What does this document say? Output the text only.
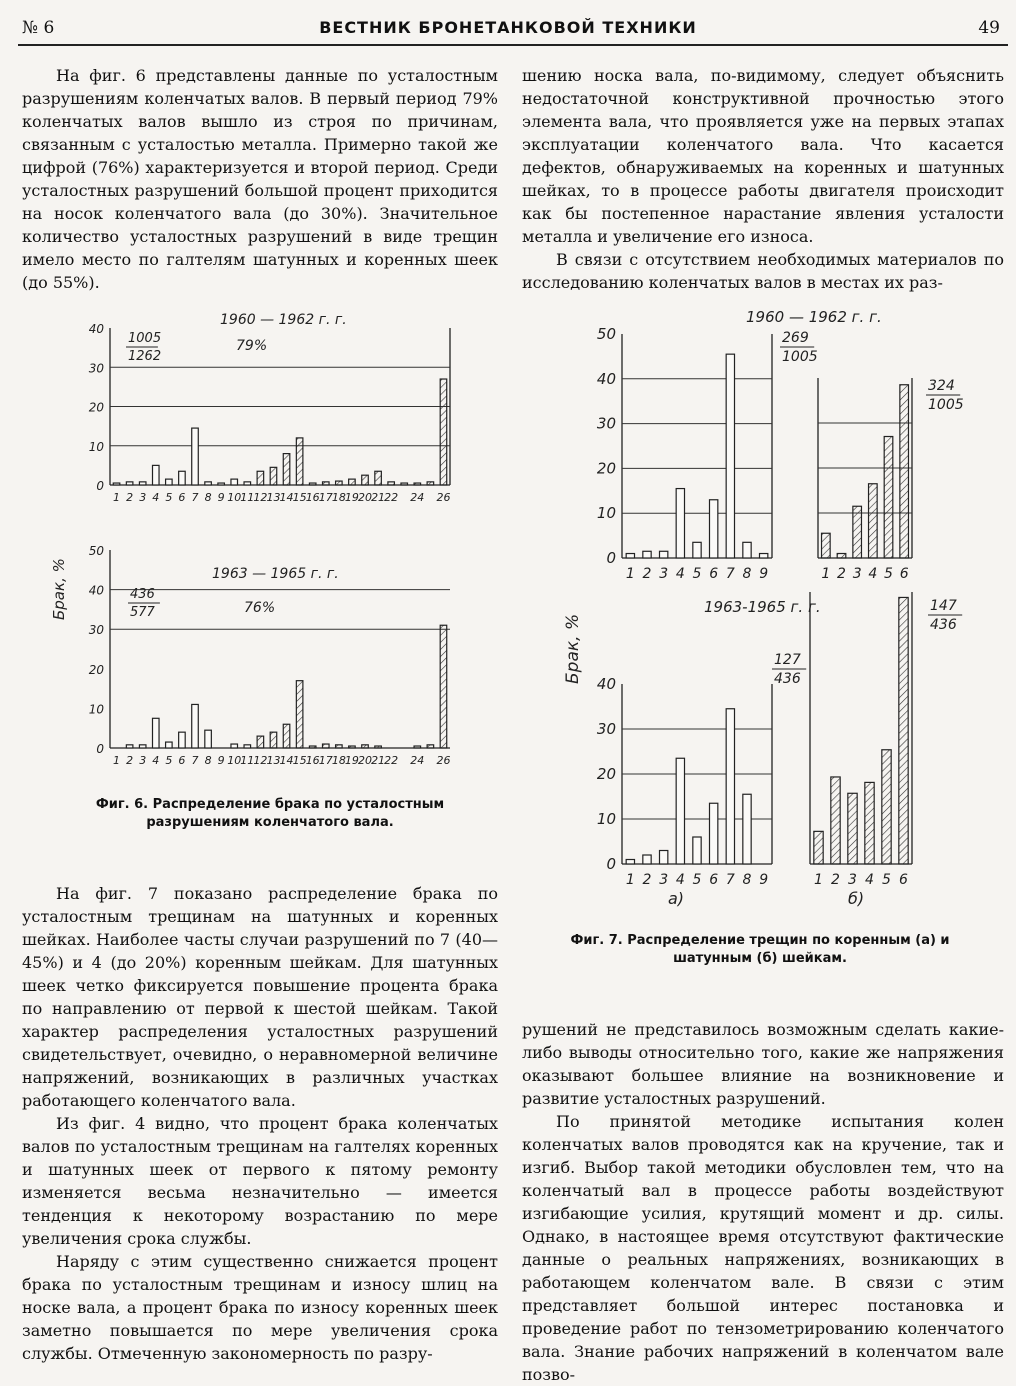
№ 6	ВЕСТНИК БРОНЕТАНКОВОЙ ТЕХНИКИ	49

На фиг. 6 представлены данные по усталостным разрушениям коленчатых валов. В первый период 79% коленчатых валов вышло из строя по причинам, связанным с усталостью металла. Примерно такой же цифрой (76%) характеризуется и второй период. Среди усталостных разрушений большой процент приходится на носок коленчатого вала (до 30%). Значительное количество усталостных разрушений в виде трещин имело место по галтелям шатунных и коренных шеек (до 55%).

шению носка вала, по-видимому, следует объяснить недостаточной конструктивной прочностью этого элемента вала, что проявляется уже на первых этапах эксплуатации коленчатого вала. Что касается дефектов, обнаруживаемых на коренных и шатунных шейках, то в процессе работы двигателя происходит как бы постепенное нарастание явления усталости металла и увеличение его износа.

В связи с отсутствием необходимых материалов по исследованию коленчатых валов в местах их раз-

0
10
20
30
40
1 2 3 4 5 6 7 8 9 10 11 12 13 14 15 16 17 18 19 20 21 22 24 26
1960 — 1962 г. г.
79%
1005
1262
0
10
20
30
40
50
1 2 3 4 5 6 7 8 9 10 11 12 13 14 15 16 17 18 19 20 21 22 24 26
1963 — 1965 г. г.
76%
436
577
Брак, %
Фиг. 6. Распределение брака по усталостным разрушениям коленчатого вала.
0
10
20
30
40
50
1 2 3 4 5 6 7 8 9
1960 — 1962 г. г.
269
1005
1 2 3 4 5 6
324
1005
0
10
20
30
40
1 2 3 4 5 6 7 8 9
1963-1965 г. г.
127
436
1 2 3 4 5 6
147
436
а)	б)
Брак, %
Фиг. 7. Распределение трещин по коренным (а) и шатунным (б) шейкам.

На фиг. 7 показано распределение брака по усталостным трещинам на шатунных и коренных шейках. Наиболее часты случаи разрушений по 7 (40—45%) и 4 (до 20%) коренным шейкам. Для шатунных шеек четко фиксируется повышение процента брака по направлению от первой к шестой шейкам. Такой характер распределения усталостных разрушений свидетельствует, очевидно, о неравномерной величине напряжений, возникающих в различных участках работающего коленчатого вала.

Из фиг. 4 видно, что процент брака коленчатых валов по усталостным трещинам на галтелях коренных и шатунных шеек от первого к пятому ремонту изменяется весьма незначительно — имеется тенденция к некоторому возрастанию по мере увеличения срока службы.

Наряду с этим существенно снижается процент брака по усталостным трещинам и износу шлиц на носке вала, а процент брака по износу коренных шеек заметно повышается по мере увеличения срока службы. Отмеченную закономерность по разру-

рушений не представилось возможным сделать какие-либо выводы относительно того, какие же напряжения оказывают большее влияние на возникновение и развитие усталостных разрушений.

По принятой методике испытания колен коленчатых валов проводятся как на кручение, так и изгиб. Выбор такой методики обусловлен тем, что на коленчатый вал в процессе работы воздействуют изгибающие усилия, крутящий момент и др. силы. Однако, в настоящее время отсутствуют фактические данные о реальных напряжениях, возникающих в работающем коленчатом вале. В связи с этим представляет большой интерес постановка и проведение работ по тензометрированию коленчатого вала. Знание рабочих напряжений в коленчатом вале позво-
